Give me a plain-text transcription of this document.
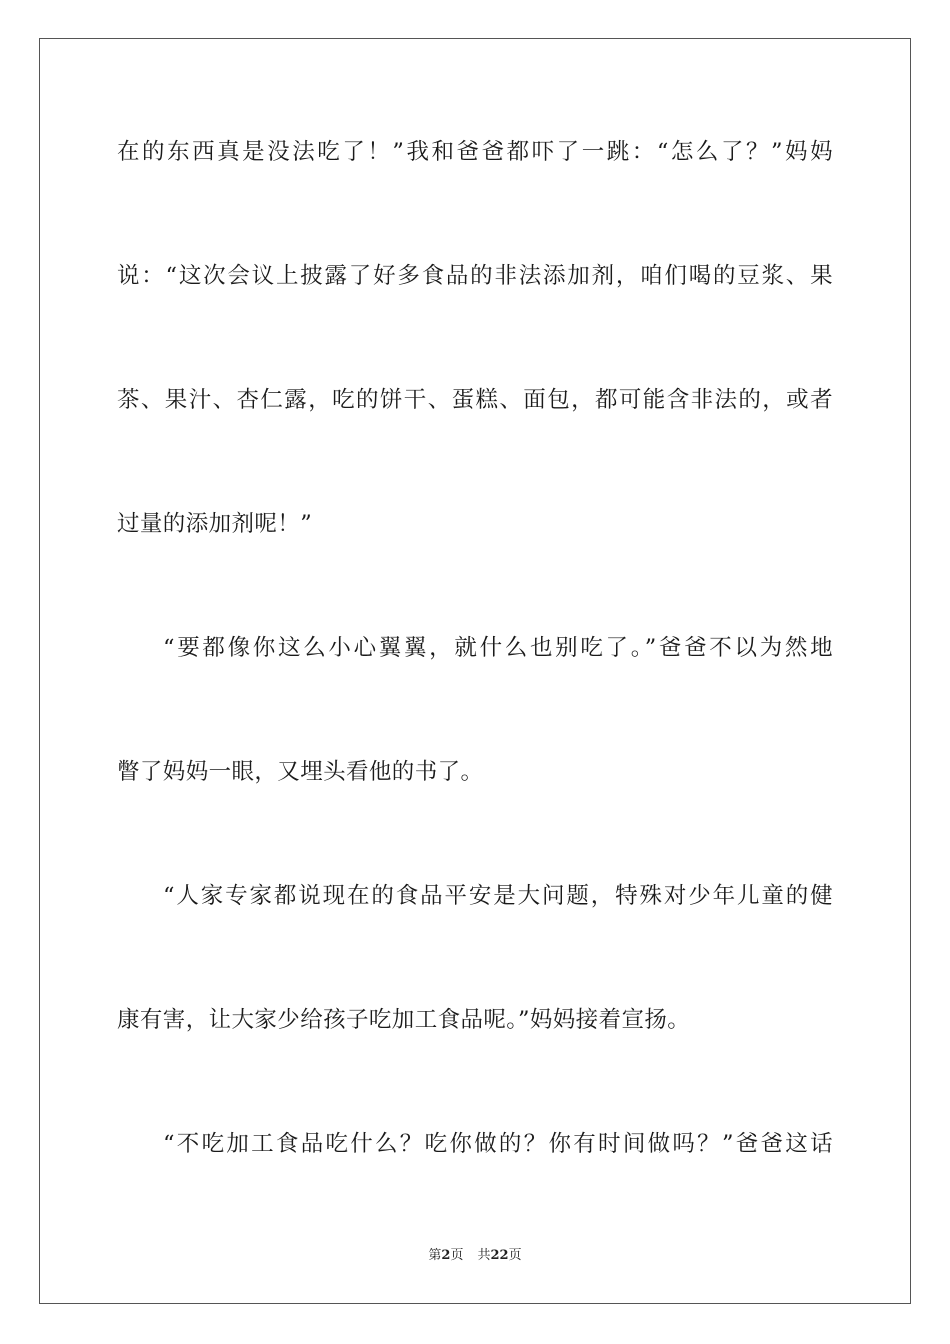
在的东西真是没法吃了！”我和爸爸都吓了一跳：“怎么了？”妈妈
说：“这次会议上披露了好多食品的非法添加剂，咱们喝的豆浆、果
茶、果汁、杏仁露，吃的饼干、蛋糕、面包，都可能含非法的，或者
过量的添加剂呢！”
“要都像你这么小心翼翼，就什么也别吃了。”爸爸不以为然地
瞥了妈妈一眼，又埋头看他的书了。
“人家专家都说现在的食品平安是大问题，特殊对少年儿童的健
康有害，让大家少给孩子吃加工食品呢。”妈妈接着宣扬。
“不吃加工食品吃什么？吃你做的？你有时间做吗？”爸爸这话
第2页 共22页
